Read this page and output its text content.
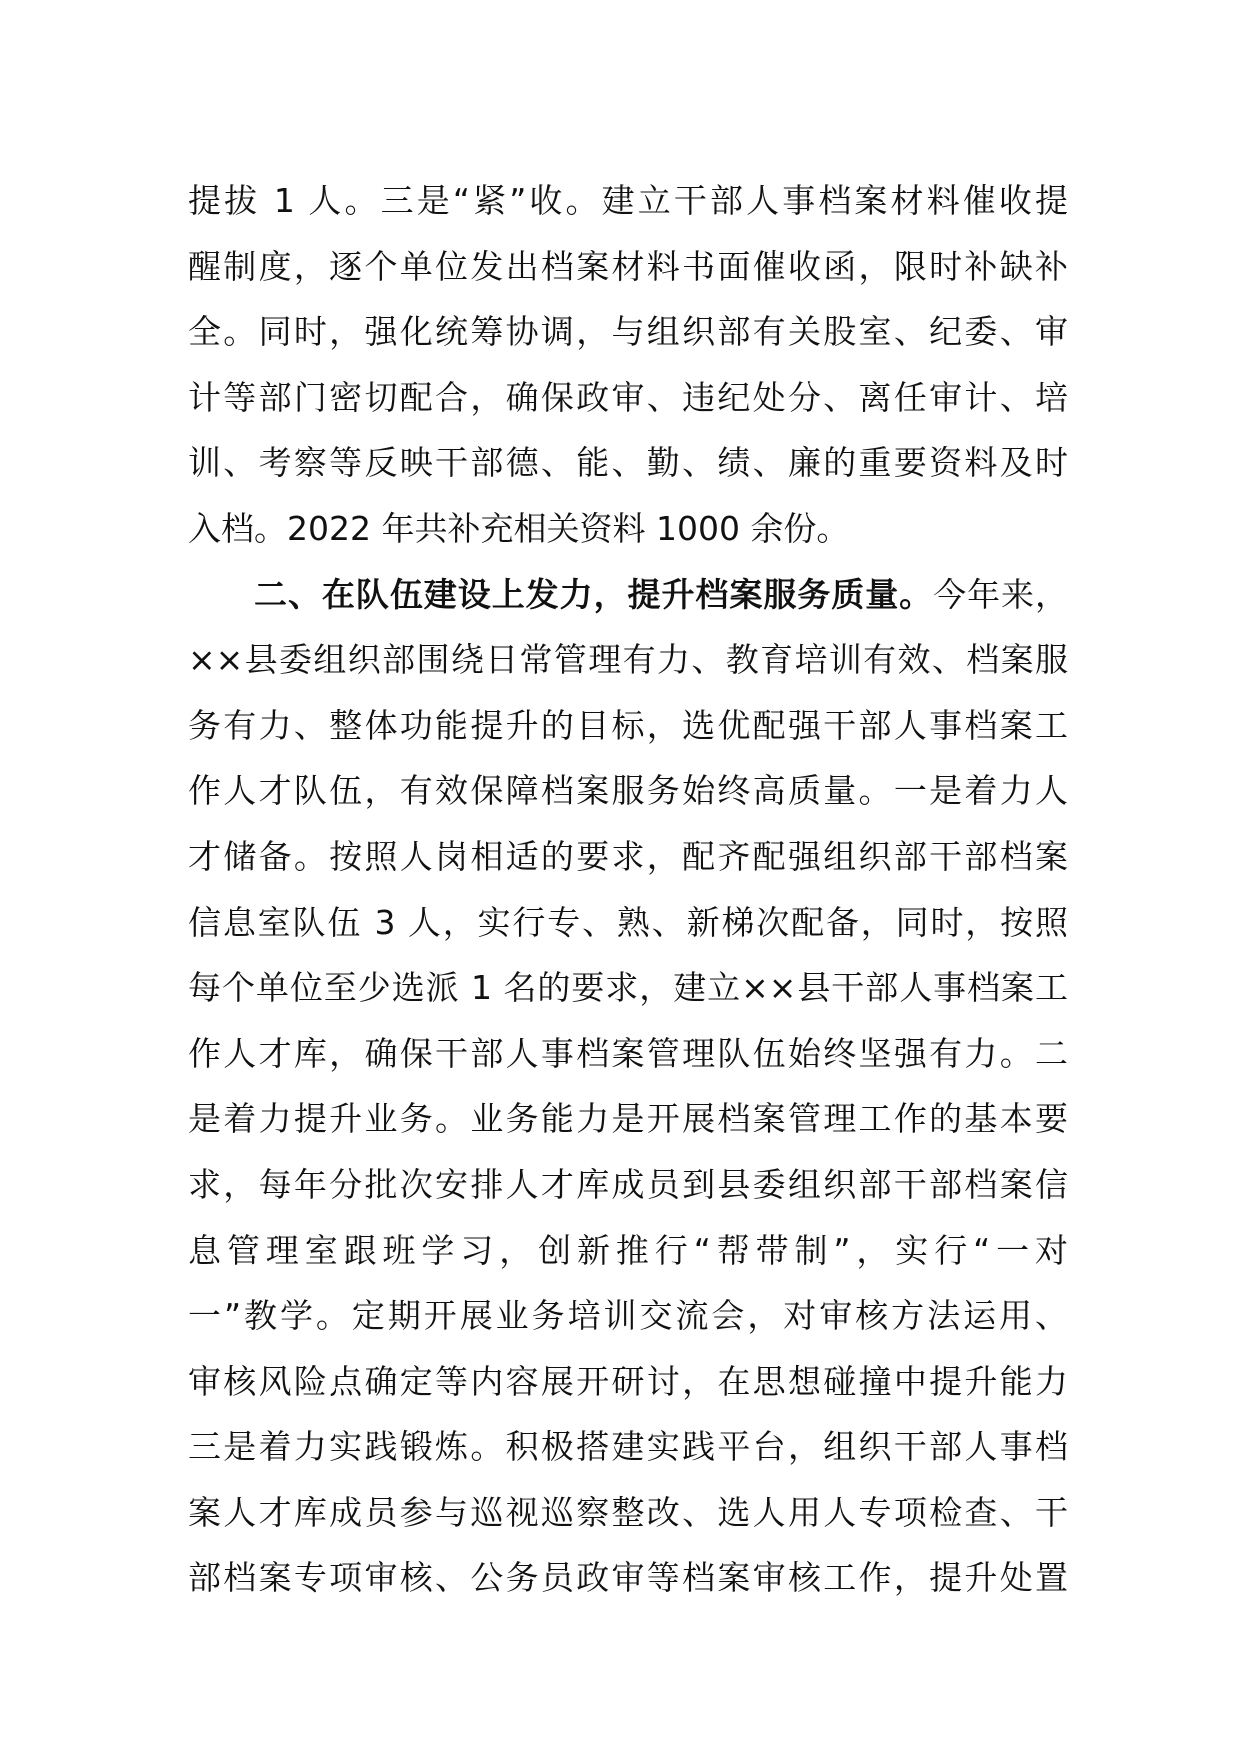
提拔 1 人。三是“紧”收。建立干部人事档案材料催收提
醒制度，逐个单位发出档案材料书面催收函，限时补缺补
全。同时，强化统筹协调，与组织部有关股室、纪委、审
计等部门密切配合，确保政审、违纪处分、离任审计、培
训、考察等反映干部德、能、勤、绩、廉的重要资料及时
入档。2022 年共补充相关资料 1000 余份。
二、在队伍建设上发力，提升档案服务质量。今年来，
××县委组织部围绕日常管理有力、教育培训有效、档案服
务有力、整体功能提升的目标，选优配强干部人事档案工
作人才队伍，有效保障档案服务始终高质量。一是着力人
才储备。按照人岗相适的要求，配齐配强组织部干部档案
信息室队伍 3 人，实行专、熟、新梯次配备，同时，按照
每个单位至少选派 1 名的要求，建立××县干部人事档案工
作人才库，确保干部人事档案管理队伍始终坚强有力。二
是着力提升业务。业务能力是开展档案管理工作的基本要
求，每年分批次安排人才库成员到县委组织部干部档案信
息管理室跟班学习，创新推行“帮带制”，实行“一对
一”教学。定期开展业务培训交流会，对审核方法运用、
审核风险点确定等内容展开研讨，在思想碰撞中提升能力
三是着力实践锻炼。积极搭建实践平台，组织干部人事档
案人才库成员参与巡视巡察整改、选人用人专项检查、干
部档案专项审核、公务员政审等档案审核工作，提升处置
